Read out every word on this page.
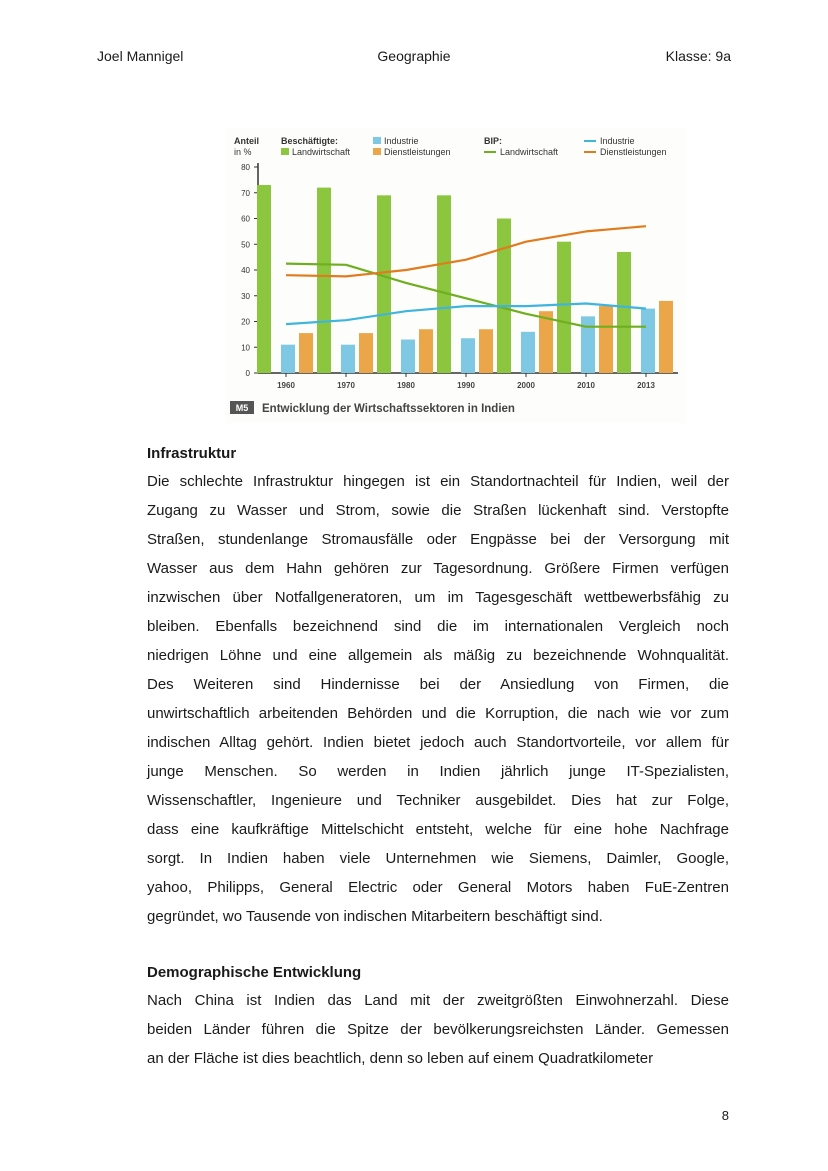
Joel Mannigel	Geographie	Klasse: 9a
Anteil
in %
Beschäftigte:
Landwirtschaft
Industrie
Dienstleistungen
BIP:
Landwirtschaft
Industrie
Dienstleistungen
0
10
20
30
40
50
60
70
80
1960	1970	1980	1990	2000	2010	2013
M5 Entwicklung der Wirtschaftssektoren in Indien
Infrastruktur
Die schlechte Infrastruktur hingegen ist ein Standortnachteil für Indien, weil der
Zugang zu Wasser und Strom, sowie die Straßen lückenhaft sind. Verstopfte
Straßen, stundenlange Stromausfälle oder Engpässe bei der Versorgung mit
Wasser aus dem Hahn gehören zur Tagesordnung. Größere Firmen verfügen
inzwischen über Notfallgeneratoren, um im Tagesgeschäft wettbewerbsfähig zu
bleiben. Ebenfalls bezeichnend sind die im internationalen Vergleich noch
niedrigen Löhne und eine allgemein als mäßig zu bezeichnende Wohnqualität.
Des Weiteren sind Hindernisse bei der Ansiedlung von Firmen, die
unwirtschaftlich arbeitenden Behörden und die Korruption, die nach wie vor zum
indischen Alltag gehört. Indien bietet jedoch auch Standortvorteile, vor allem für
junge Menschen. So werden in Indien jährlich junge IT-Spezialisten,
Wissenschaftler, Ingenieure und Techniker ausgebildet. Dies hat zur Folge,
dass eine kaufkräftige Mittelschicht entsteht, welche für eine hohe Nachfrage
sorgt. In Indien haben viele Unternehmen wie Siemens, Daimler, Google,
yahoo, Philipps, General Electric oder General Motors haben FuE-Zentren
gegründet, wo Tausende von indischen Mitarbeitern beschäftigt sind.
Demographische Entwicklung
Nach China ist Indien das Land mit der zweitgrößten Einwohnerzahl. Diese
beiden Länder führen die Spitze der bevölkerungsreichsten Länder. Gemessen
an der Fläche ist dies beachtlich, denn so leben auf einem Quadratkilometer
8
